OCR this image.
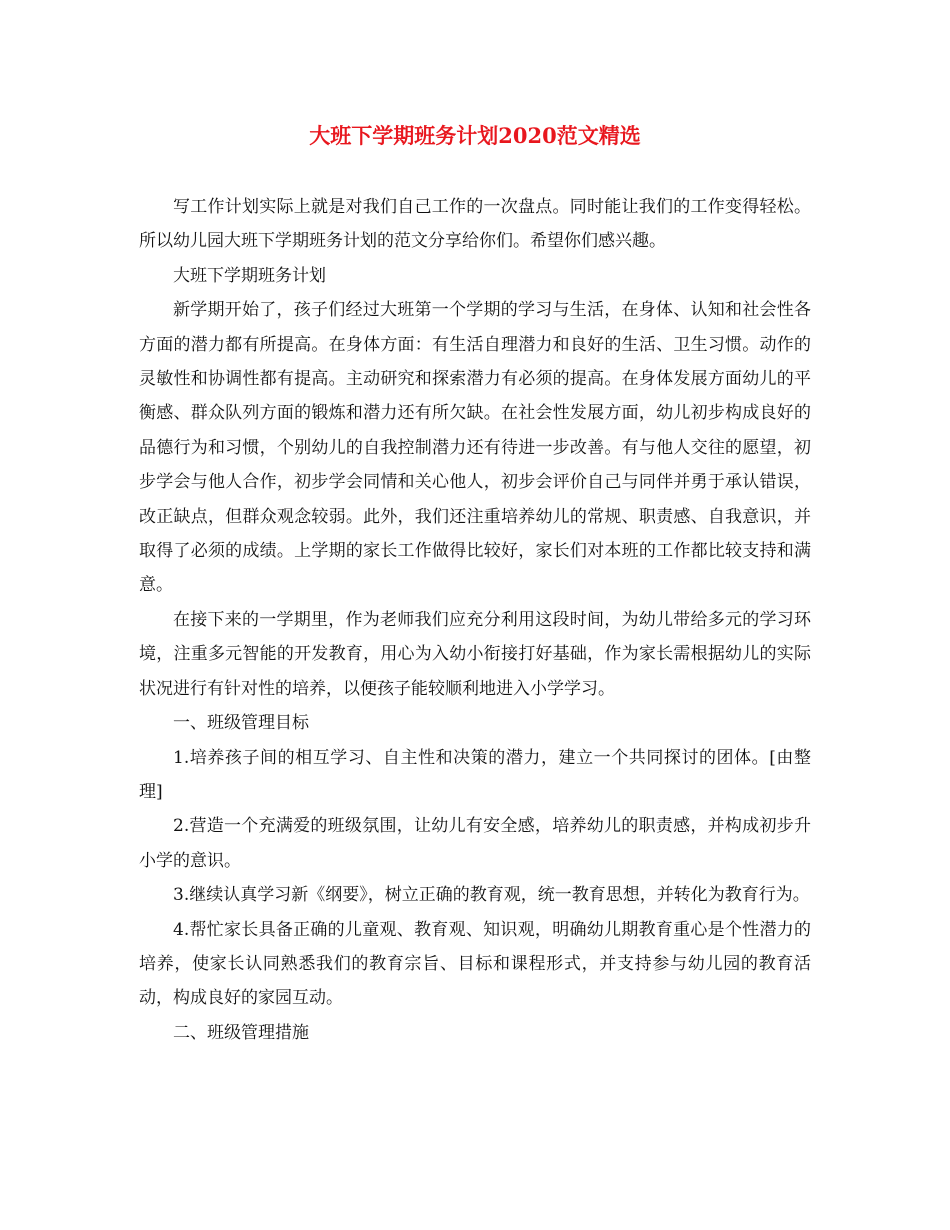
大班下学期班务计划2020范文精选

写工作计划实际上就是对我们自己工作的一次盘点。同时能让我们的工作变得轻松。所以幼儿园大班下学期班务计划的范文分享给你们。希望你们感兴趣。

大班下学期班务计划

新学期开始了，孩子们经过大班第一个学期的学习与生活，在身体、认知和社会性各方面的潜力都有所提高。在身体方面：有生活自理潜力和良好的生活、卫生习惯。动作的灵敏性和协调性都有提高。主动研究和探索潜力有必须的提高。在身体发展方面幼儿的平衡感、群众队列方面的锻炼和潜力还有所欠缺。在社会性发展方面，幼儿初步构成良好的品德行为和习惯，个别幼儿的自我控制潜力还有待进一步改善。有与他人交往的愿望，初步学会与他人合作，初步学会同情和关心他人，初步会评价自己与同伴并勇于承认错误，改正缺点，但群众观念较弱。此外，我们还注重培养幼儿的常规、职责感、自我意识，并取得了必须的成绩。上学期的家长工作做得比较好，家长们对本班的工作都比较支持和满意。

在接下来的一学期里，作为老师我们应充分利用这段时间，为幼儿带给多元的学习环境，注重多元智能的开发教育，用心为入幼小衔接打好基础，作为家长需根据幼儿的实际状况进行有针对性的培养，以便孩子能较顺利地进入小学学习。

一、班级管理目标

1.培养孩子间的相互学习、自主性和决策的潜力，建立一个共同探讨的团体。[由整理]

2.营造一个充满爱的班级氛围，让幼儿有安全感，培养幼儿的职责感，并构成初步升小学的意识。

3.继续认真学习新《纲要》，树立正确的教育观，统一教育思想，并转化为教育行为。

4.帮忙家长具备正确的儿童观、教育观、知识观，明确幼儿期教育重心是个性潜力的培养，使家长认同熟悉我们的教育宗旨、目标和课程形式，并支持参与幼儿园的教育活动，构成良好的家园互动。

二、班级管理措施
